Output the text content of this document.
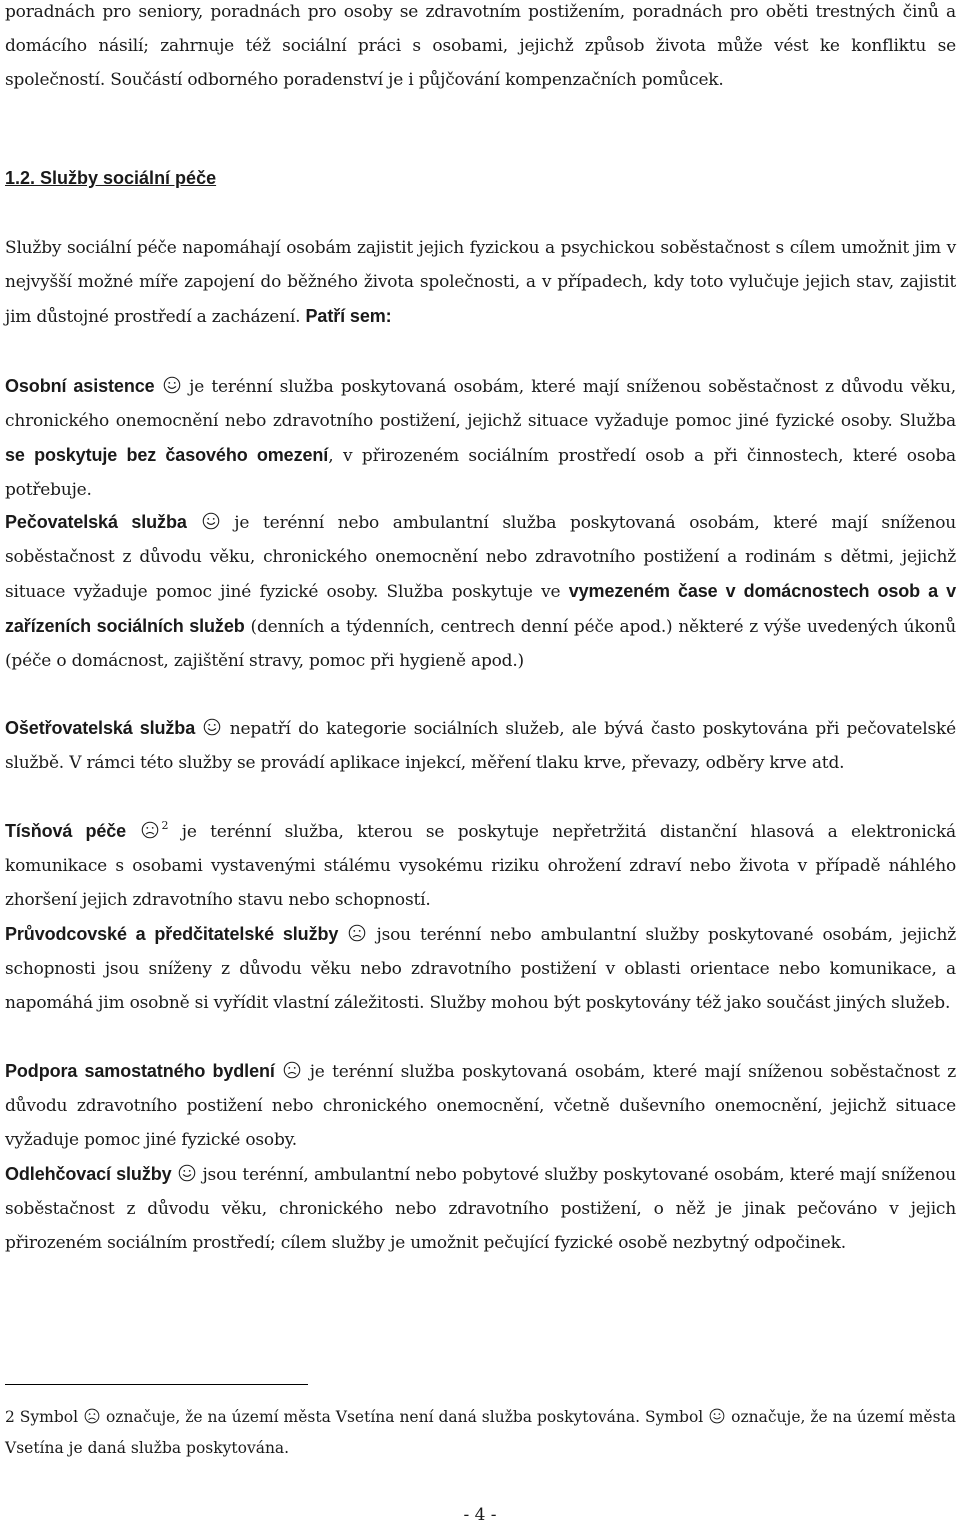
poradnách pro seniory, poradnách pro osoby se zdravotním postižením, poradnách pro oběti trestných činů a domácího násilí; zahrnuje též sociální práci s osobami, jejichž způsob života může vést ke konfliktu se společností. Součástí odborného poradenství je i půjčování kompenzačních pomůcek.

1.2. Služby sociální péče

Služby sociální péče napomáhají osobám zajistit jejich fyzickou a psychickou soběstačnost s cílem umožnit jim v nejvyšší možné míře zapojení do běžného života společnosti, a v případech, kdy toto vylučuje jejich stav, zajistit jim důstojné prostředí a zacházení. Patří sem:

Osobní asistence
je terénní služba poskytovaná osobám, které mají sníženou soběstačnost z důvodu věku, chronického onemocnění nebo zdravotního postižení, jejichž situace vyžaduje pomoc jiné fyzické osoby. Služba se poskytuje bez časového omezení, v přirozeném sociálním prostředí osob a při činnostech, které osoba potřebuje.

Pečovatelská služba
je terénní nebo ambulantní služba poskytovaná osobám, které mají sníženou soběstačnost z důvodu věku, chronického onemocnění nebo zdravotního postižení a rodinám s dětmi, jejichž situace vyžaduje pomoc jiné fyzické osoby. Služba poskytuje ve vymezeném čase v domácnostech osob a v zařízeních sociálních služeb (denních a týdenních, centrech denní péče apod.) některé z výše uvedených úkonů (péče o domácnost, zajištění stravy, pomoc při hygieně apod.)

Ošetřovatelská služba
nepatří do kategorie sociálních služeb, ale bývá často poskytována při pečovatelské službě. V rámci této služby se provádí aplikace injekcí, měření tlaku krve, převazy, odběry krve atd.

Tísňová péče	$^2$ je terénní služba, kterou se poskytuje nepřetržitá distanční hlasová a elektronická komunikace s osobami vystavenými stálému vysokému riziku ohrožení zdraví nebo života v případě náhlého zhoršení jejich zdravotního stavu nebo schopností.

Průvodcovské a předčitatelské služby
jsou terénní nebo ambulantní služby poskytované osobám, jejichž schopnosti jsou sníženy z důvodu věku nebo zdravotního postižení v oblasti orientace nebo komunikace, a napomáhá jim osobně si vyřídit vlastní záležitosti. Služby mohou být poskytovány též jako součást jiných služeb.

Podpora samostatného bydlení
je terénní služba poskytovaná osobám, které mají sníženou soběstačnost z důvodu zdravotního postižení nebo chronického onemocnění, včetně duševního onemocnění, jejichž situace vyžaduje pomoc jiné fyzické osoby.

Odlehčovací služby
jsou terénní, ambulantní nebo pobytové služby poskytované osobám, které mají sníženou soběstačnost z důvodu věku, chronického nebo zdravotního postižení, o něž je jinak pečováno v jejich přirozeném sociálním prostředí; cílem služby je umožnit pečující fyzické osobě nezbytný odpočinek.

2 Symbol
označuje, že na území města Vsetína není daná služba poskytována. Symbol
označuje, že na území města Vsetína je daná služba poskytována.

- 4 -
